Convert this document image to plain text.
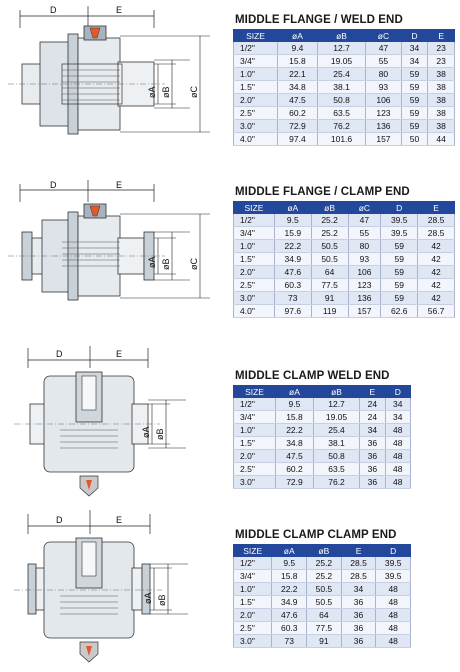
D	E
øA øB øC
MIDDLE FLANGE / WELD END
SIZE	øA	øB	øC	D	E
1/2"	9.4	12.7	47	34	23
3/4"	15.8	19.05	55	34	23
1.0"	22.1	25.4	80	59	38
1.5"	34.8	38.1	93	59	38
2.0"	47.5	50.8	106	59	38
2.5"	60.2	63.5	123	59	38
3.0"	72.9	76.2	136	59	38
4.0"	97.4	101.6	157	50	44
D	E
øA øB øC
MIDDLE FLANGE / CLAMP END
SIZE	øA	øB	øC	D	E
1/2"	9.5	25.2	47	39.5	28.5
3/4"	15.9	25.2	55	39.5	28.5
1.0"	22.2	50.5	80	59	42
1.5"	34.9	50.5	93	59	42
2.0"	47.6	64	106	59	42
2.5"	60.3	77.5	123	59	42
3.0"	73	91	136	59	42
4.0"	97.6	119	157	62.6	56.7
D	E
øA øB
MIDDLE CLAMP WELD END
SIZE	øA	øB	E	D
1/2"	9.5	12.7	24	34
3/4"	15.8	19.05	24	34
1.0"	22.2	25.4	34	48
1.5"	34.8	38.1	36	48
2.0"	47.5	50.8	36	48
2.5"	60.2	63.5	36	48
3.0"	72.9	76.2	36	48
D	E
øA øB
MIDDLE CLAMP CLAMP END
SIZE	øA	øB	E	D
1/2"	9.5	25.2	28.5	39.5
3/4"	15.8	25.2	28.5	39.5
1.0"	22.2	50.5	34	48
1.5"	34.9	50.5	36	48
2.0"	47.6	64	36	48
2.5"	60.3	77.5	36	48
3.0"	73	91	36	48
